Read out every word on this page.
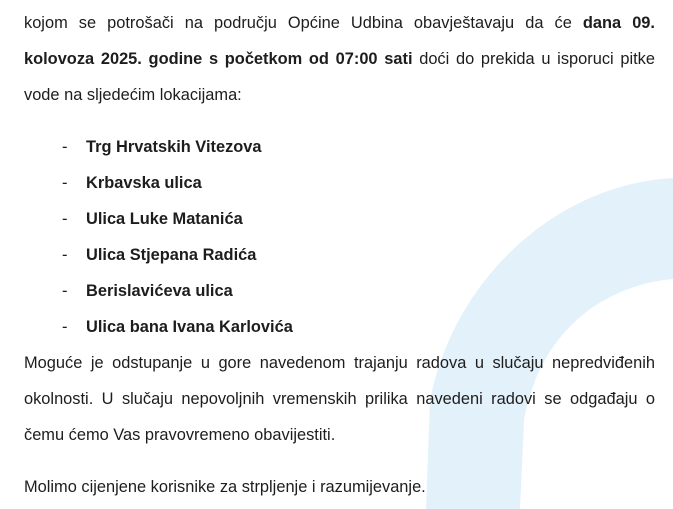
kojom se potrošači na području Općine Udbina obavještavaju da će dana 09. kolovoza 2025. godine s početkom od 07:00 sati doći do prekida u isporuci pitke vode na sljedećim lokacijama:

- Trg Hrvatskih Vitezova
- Krbavska ulica
- Ulica Luke Matanića
- Ulica Stjepana Radića
- Berislavićeva ulica
- Ulica bana Ivana Karlovića

Moguće je odstupanje u gore navedenom trajanju radova u slučaju nepredviđenih okolnosti. U slučaju nepovoljnih vremenskih prilika navedeni radovi se odgađaju o čemu ćemo Vas pravovremeno obavijestiti.

Molimo cijenjene korisnike za strpljenje i razumijevanje.
